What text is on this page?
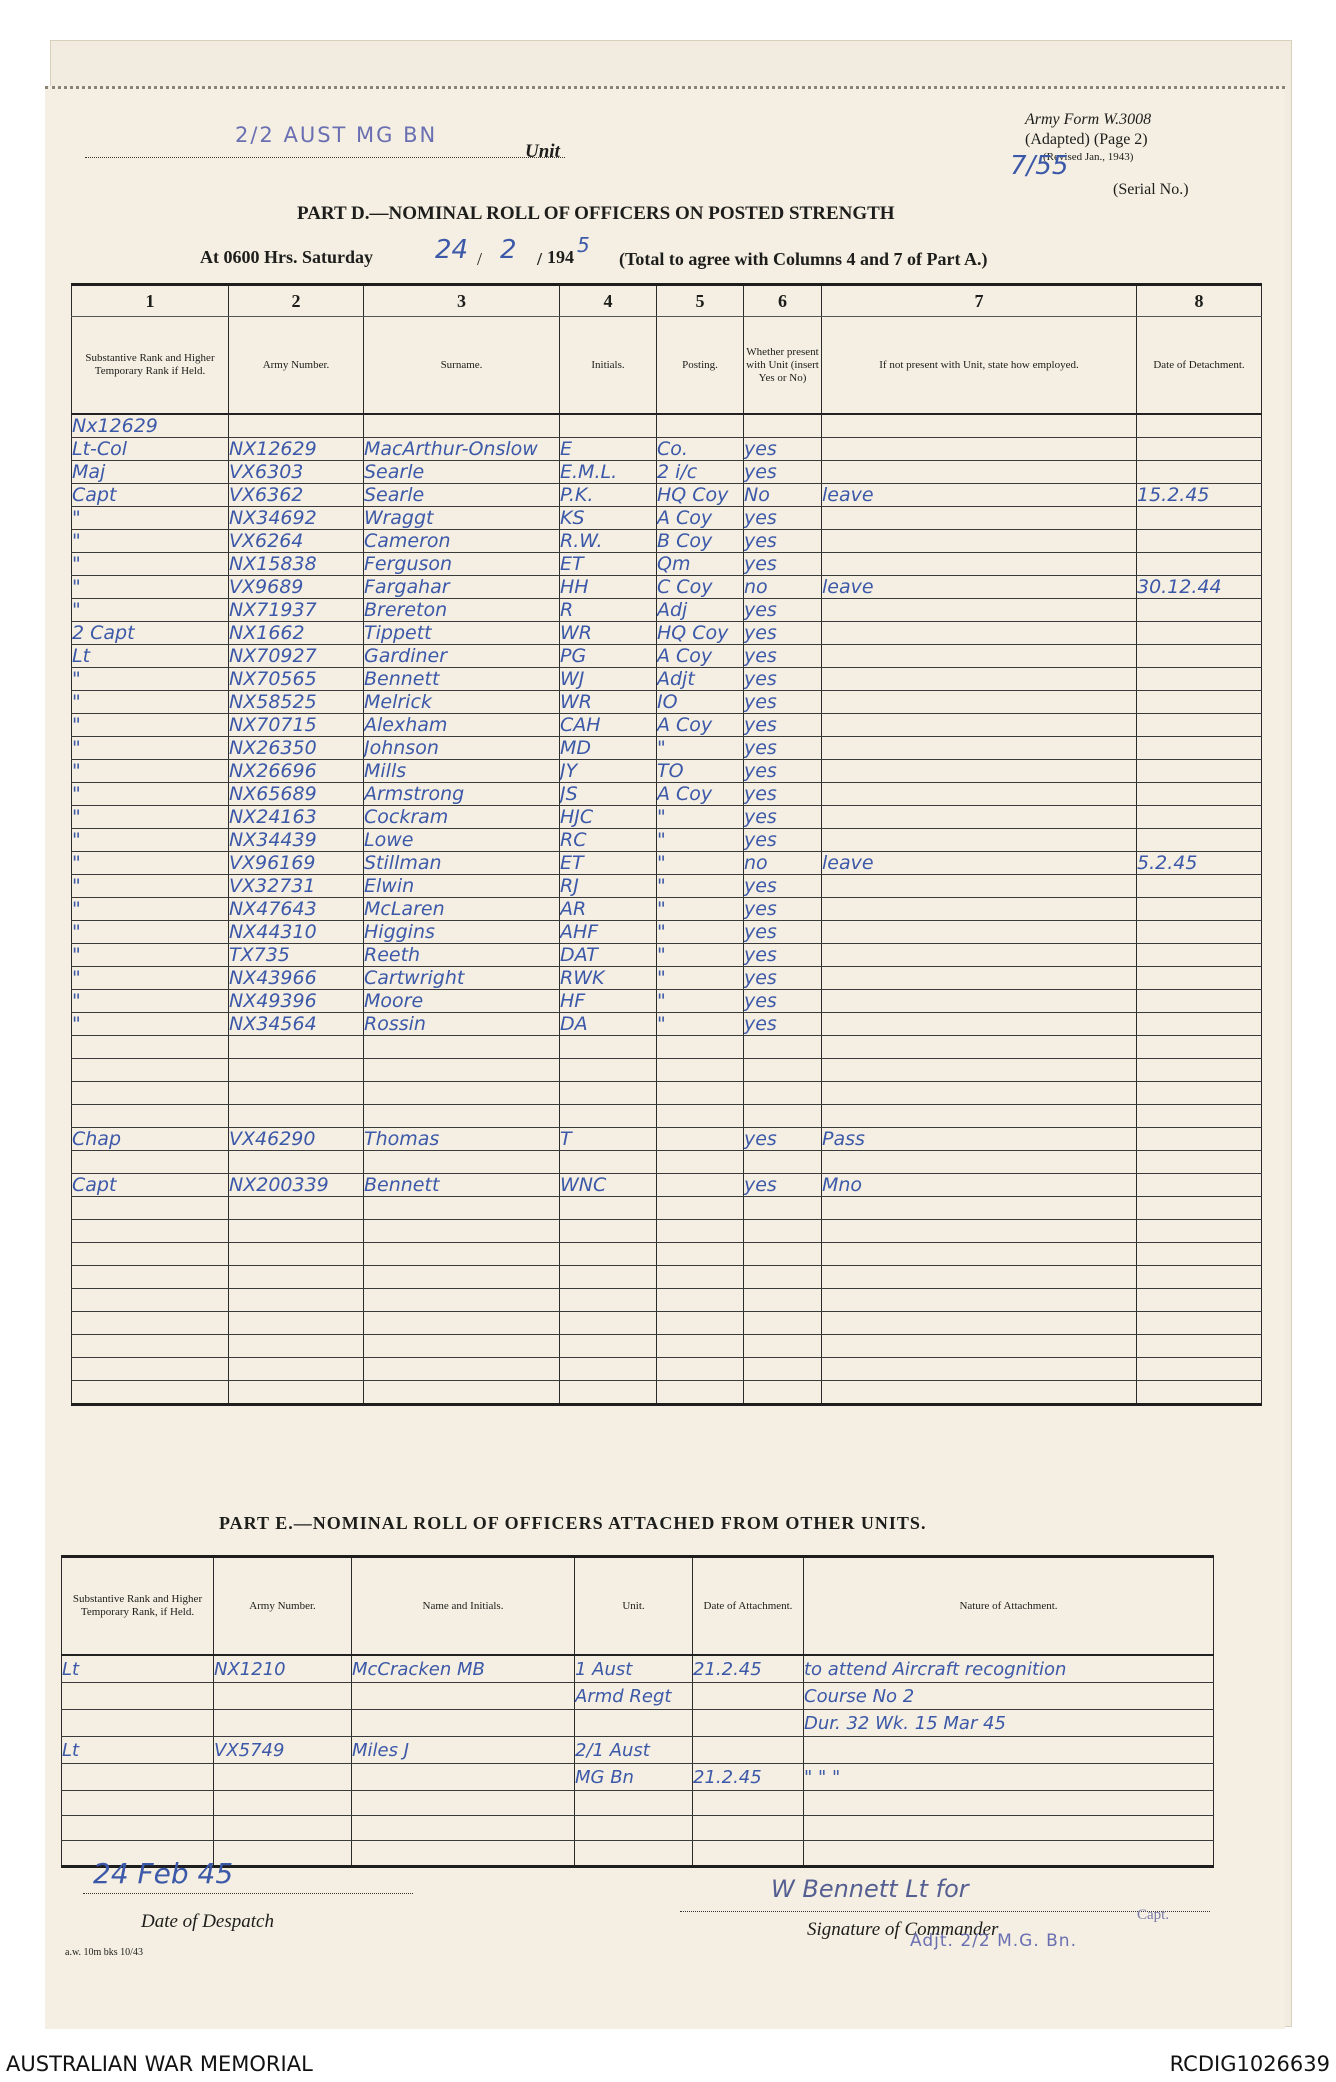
2/2 AUST MG BN
Unit
Army Form W.3008
(Adapted) (Page 2)
(Revised Jan., 1943)
7/55
(Serial No.)
PART D.—NOMINAL ROLL OF OFFICERS ON POSTED STRENGTH
At 0600 Hrs. Saturday 24 / 2 / 194 5
(Total to agree with Columns 4 and 7 of Part A.)
1	2	3	4	5	6	7	8
Substantive Rank and Higher Temporary Rank if Held.	Army Number.	Surname.	Initials.	Posting.	Whether present with Unit (insert Yes or No)	If not present with Unit, state how employed.	Date of Detachment.
Nx12629							
Lt-Col	NX12629	MacArthur-Onslow	E	Co.	yes		
Maj	VX6303	Searle	E.M.L.	2 i/c	yes		
Capt	VX6362	Searle	P.K.	HQ Coy	No	leave	15.2.45
"	NX34692	Wraggt	KS	A Coy	yes		
"	VX6264	Cameron	R.W.	B Coy	yes		
"	NX15838	Ferguson	ET	Qm	yes		
"	VX9689	Fargahar	HH	C Coy	no	leave	30.12.44
"	NX71937	Brereton	R	Adj	yes		
2 Capt	NX1662	Tippett	WR	HQ Coy	yes		
Lt	NX70927	Gardiner	PG	A Coy	yes		
"	NX70565	Bennett	WJ	Adjt	yes		
"	NX58525	Melrick	WR	IO	yes		
"	NX70715	Alexham	CAH	A Coy	yes		
"	NX26350	Johnson	MD	"	yes		
"	NX26696	Mills	JY	TO	yes		
"	NX65689	Armstrong	JS	A Coy	yes		
"	NX24163	Cockram	HJC	"	yes		
"	NX34439	Lowe	RC	"	yes		
"	VX96169	Stillman	ET	"	no	leave	5.2.45
"	VX32731	Elwin	RJ	"	yes		
"	NX47643	McLaren	AR	"	yes		
"	NX44310	Higgins	AHF	"	yes		
"	TX735	Reeth	DAT	"	yes		
"	NX43966	Cartwright	RWK	"	yes		
"	NX49396	Moore	HF	"	yes		
"	NX34564	Rossin	DA	"	yes		

Chap	VX46290	Thomas	T		yes	Pass	

Capt	NX200339	Bennett	WNC		yes	Mno	

PART E.—NOMINAL ROLL OF OFFICERS ATTACHED FROM OTHER UNITS.
Substantive Rank and Higher Temporary Rank, if Held.	Army Number.	Name and Initials.	Unit.	Date of Attachment.	Nature of Attachment.
Lt	NX1210	McCracken MB	1 Aust	21.2.45	to attend Aircraft recognition
			Armd Regt		Course No 2
					Dur. 32 Wk. 15 Mar 45
Lt	VX5749	Miles J	2/1 Aust		
			MG Bn	21.2.45	" " "

24 Feb 45
Date of Despatch
W Bennett Lt for
Signature of Commander
Capt.
Adjt. 2/2 M.G. Bn.
a.w. 10m bks 10/43
AUSTRALIAN WAR MEMORIAL	RCDIG1026639
